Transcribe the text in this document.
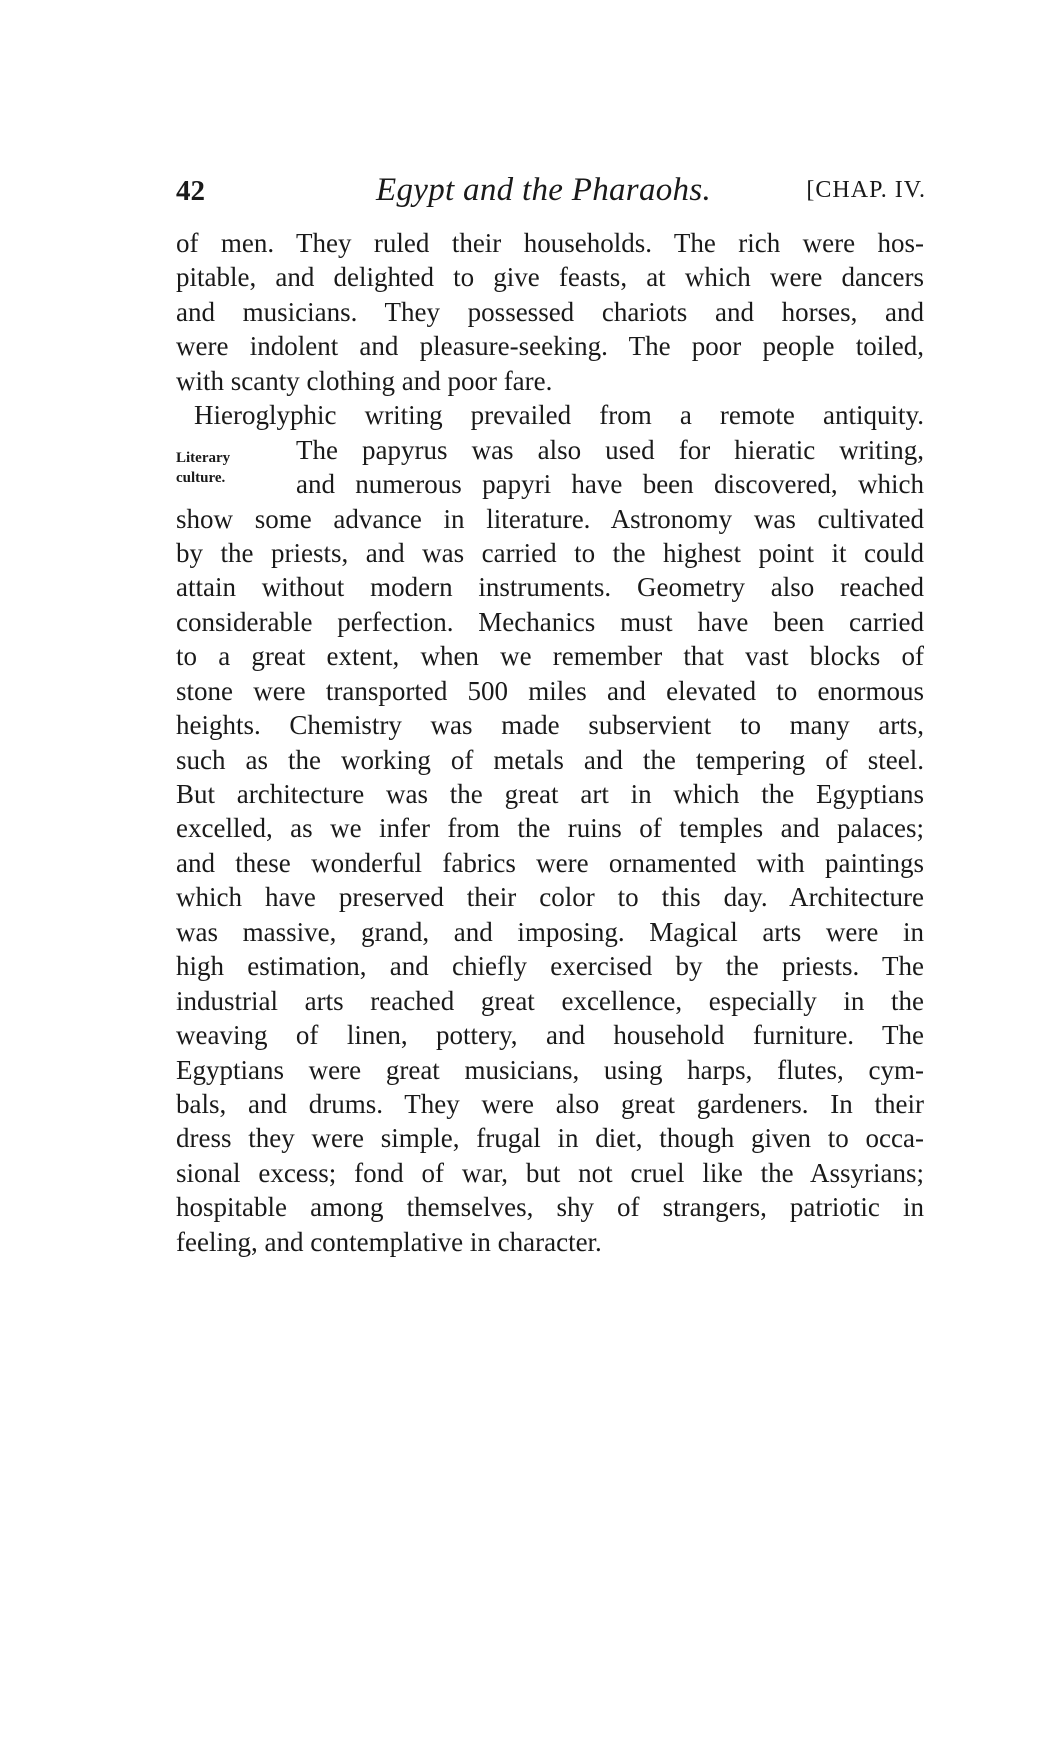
42	Egypt and the Pharaohs.	[CHAP. IV.
Literary
culture.
of men. They ruled their households. The rich were hos-
pitable, and delighted to give feasts, at which were dancers
and musicians. They possessed chariots and horses, and
were indolent and pleasure-seeking. The poor people toiled,
with scanty clothing and poor fare.
Hieroglyphic writing prevailed from a remote antiquity.
The papyrus was also used for hieratic writing,
and numerous papyri have been discovered, which
show some advance in literature. Astronomy was cultivated
by the priests, and was carried to the highest point it could
attain without modern instruments. Geometry also reached
considerable perfection. Mechanics must have been carried
to a great extent, when we remember that vast blocks of
stone were transported 500 miles and elevated to enormous
heights. Chemistry was made subservient to many arts,
such as the working of metals and the tempering of steel.
But architecture was the great art in which the Egyptians
excelled, as we infer from the ruins of temples and palaces;
and these wonderful fabrics were ornamented with paintings
which have preserved their color to this day. Architecture
was massive, grand, and imposing. Magical arts were in
high estimation, and chiefly exercised by the priests. The
industrial arts reached great excellence, especially in the
weaving of linen, pottery, and household furniture. The
Egyptians were great musicians, using harps, flutes, cym-
bals, and drums. They were also great gardeners. In their
dress they were simple, frugal in diet, though given to occa-
sional excess; fond of war, but not cruel like the Assyrians;
hospitable among themselves, shy of strangers, patriotic in
feeling, and contemplative in character.
